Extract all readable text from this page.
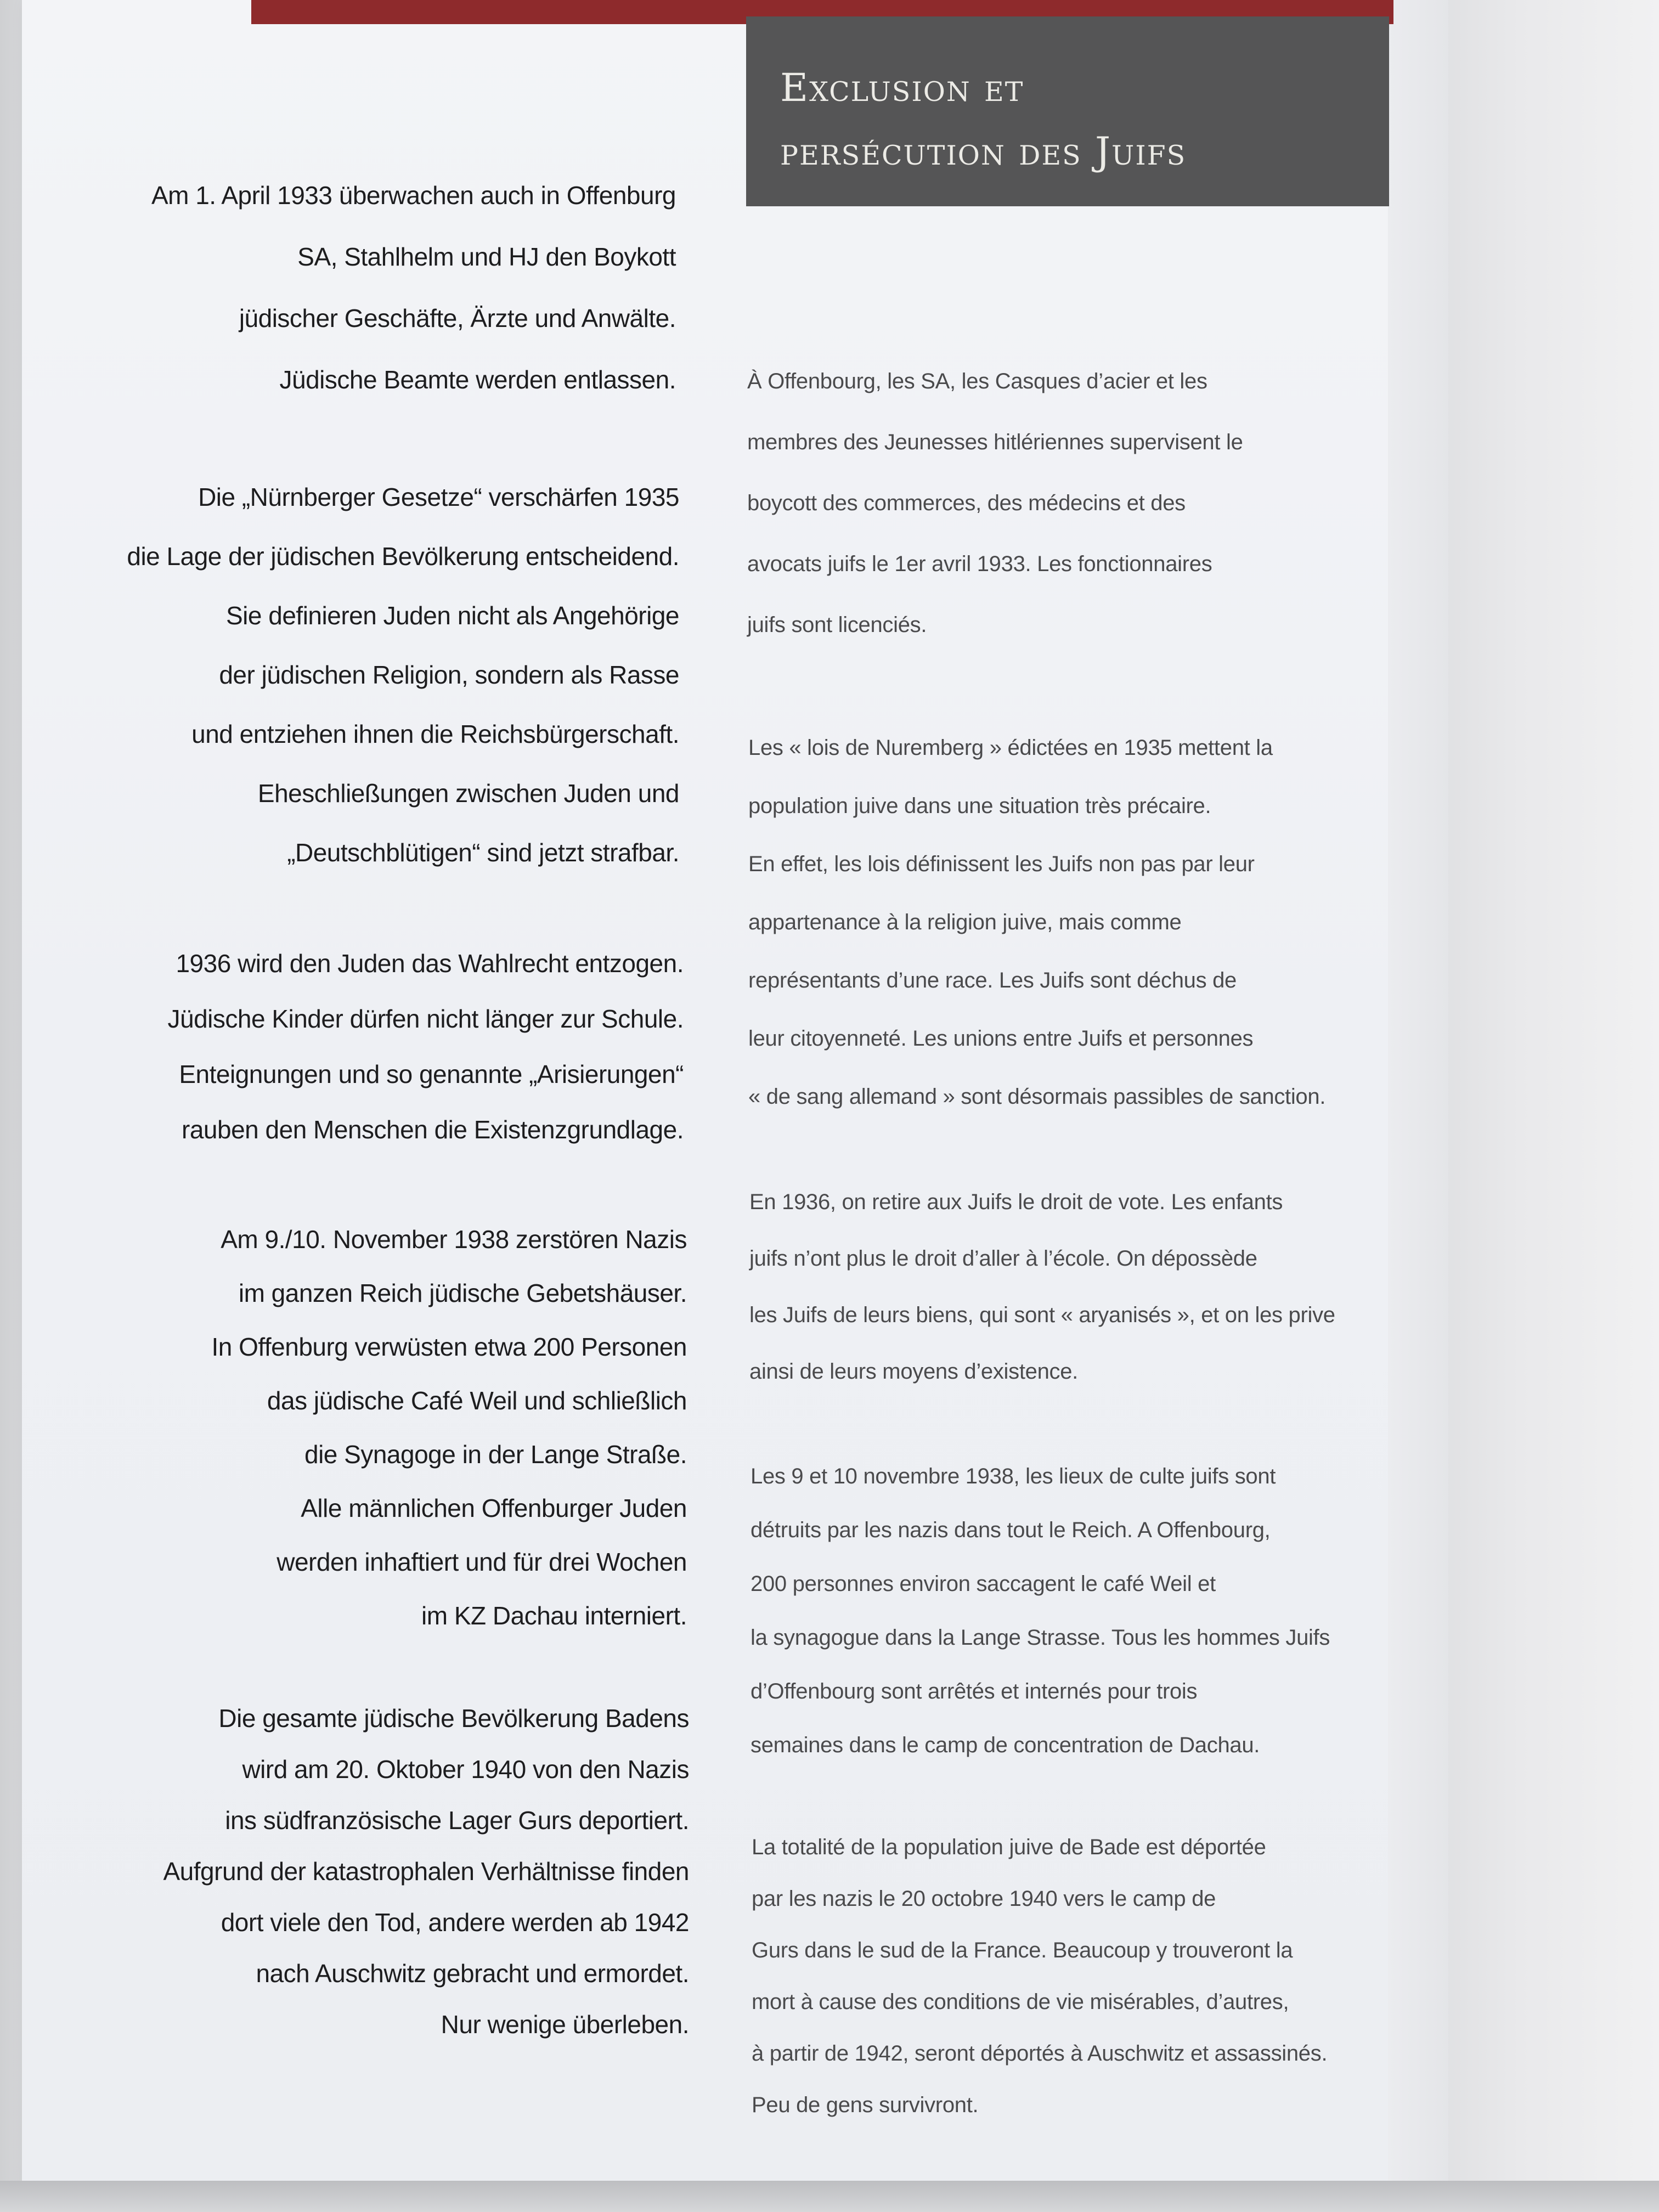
Exclusion et
persécution des Juifs
Am 1. April 1933 überwachen auch in Offenburg
SA, Stahlhelm und HJ den Boykott
jüdischer Geschäfte, Ärzte und Anwälte.
Jüdische Beamte werden entlassen.
Die „Nürnberger Gesetze“ verschärfen 1935
die Lage der jüdischen Bevölkerung entscheidend.
Sie definieren Juden nicht als Angehörige
der jüdischen Religion, sondern als Rasse
und entziehen ihnen die Reichsbürgerschaft.
Eheschließungen zwischen Juden und
„Deutschblütigen“ sind jetzt strafbar.
1936 wird den Juden das Wahlrecht entzogen.
Jüdische Kinder dürfen nicht länger zur Schule.
Enteignungen und so genannte „Arisierungen“
rauben den Menschen die Existenzgrundlage.
Am 9./10. November 1938 zerstören Nazis
im ganzen Reich jüdische Gebetshäuser.
In Offenburg verwüsten etwa 200 Personen
das jüdische Café Weil und schließlich
die Synagoge in der Lange Straße.
Alle männlichen Offenburger Juden
werden inhaftiert und für drei Wochen
im KZ Dachau interniert.
Die gesamte jüdische Bevölkerung Badens
wird am 20. Oktober 1940 von den Nazis
ins südfranzösische Lager Gurs deportiert.
Aufgrund der katastrophalen Verhältnisse finden
dort viele den Tod, andere werden ab 1942
nach Auschwitz gebracht und ermordet.
Nur wenige überleben.
À Offenbourg, les SA, les Casques d’acier et les
membres des Jeunesses hitlériennes supervisent le
boycott des commerces, des médecins et des
avocats juifs le 1er avril 1933. Les fonctionnaires
juifs sont licenciés.
Les « lois de Nuremberg » édictées en 1935 mettent la
population juive dans une situation très précaire.
En effet, les lois définissent les Juifs non pas par leur
appartenance à la religion juive, mais comme
représentants d’une race. Les Juifs sont déchus de
leur citoyenneté. Les unions entre Juifs et personnes
« de sang allemand » sont désormais passibles de sanction.
En 1936, on retire aux Juifs le droit de vote. Les enfants
juifs n’ont plus le droit d’aller à l’école. On dépossède
les Juifs de leurs biens, qui sont « aryanisés », et on les prive
ainsi de leurs moyens d’existence.
Les 9 et 10 novembre 1938, les lieux de culte juifs sont
détruits par les nazis dans tout le Reich. A Offenbourg,
200 personnes environ saccagent le café Weil et
la synagogue dans la Lange Strasse. Tous les hommes Juifs
d’Offenbourg sont arrêtés et internés pour trois
semaines dans le camp de concentration de Dachau.
La totalité de la population juive de Bade est déportée
par les nazis le 20 octobre 1940 vers le camp de
Gurs dans le sud de la France. Beaucoup y trouveront la
mort à cause des conditions de vie misérables, d’autres,
à partir de 1942, seront déportés à Auschwitz et assassinés.
Peu de gens survivront.
